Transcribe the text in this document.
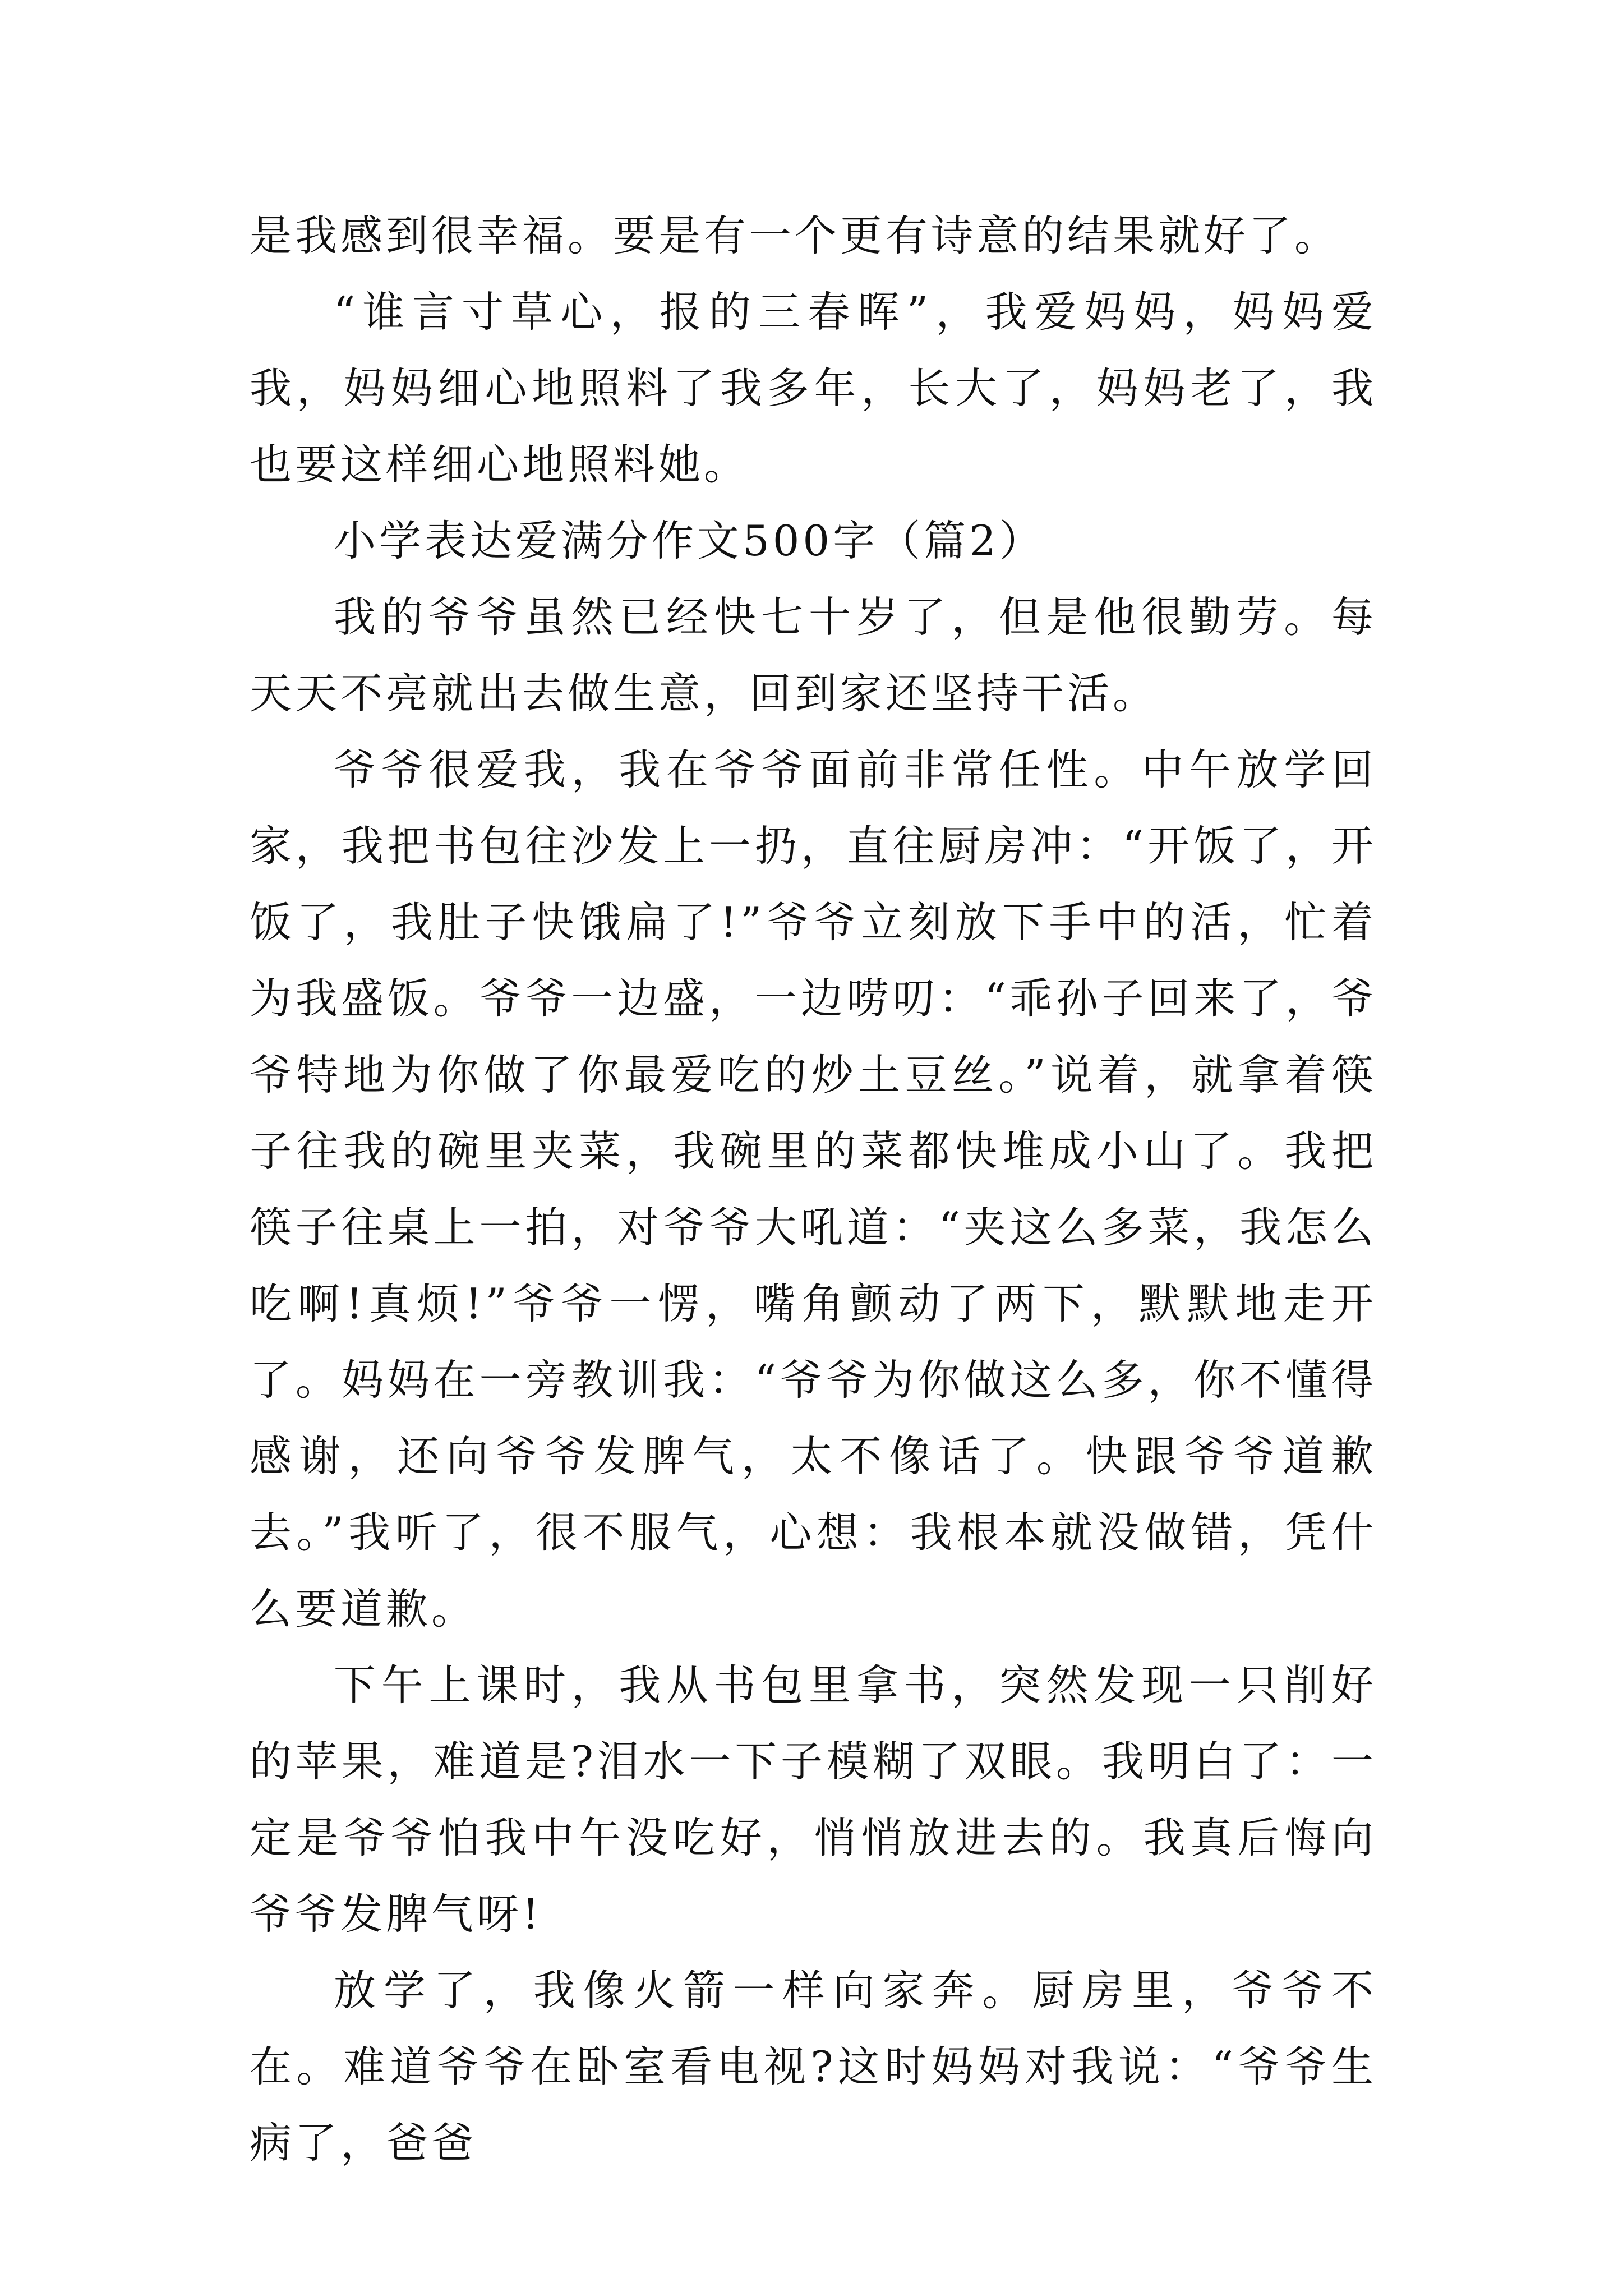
是我感到很幸福。要是有一个更有诗意的结果就好了。

“谁言寸草心，报的三春晖”，我爱妈妈，妈妈爱我，妈妈细心地照料了我多年，长大了，妈妈老了，我也要这样细心地照料她。

小学表达爱满分作文500字（篇2）

我的爷爷虽然已经快七十岁了，但是他很勤劳。每天天不亮就出去做生意，回到家还坚持干活。

爷爷很爱我，我在爷爷面前非常任性。中午放学回家，我把书包往沙发上一扔，直往厨房冲：“开饭了，开饭了，我肚子快饿扁了!”爷爷立刻放下手中的活，忙着为我盛饭。爷爷一边盛，一边唠叨：“乖孙子回来了，爷爷特地为你做了你最爱吃的炒土豆丝。”说着，就拿着筷子往我的碗里夹菜，我碗里的菜都快堆成小山了。我把筷子往桌上一拍，对爷爷大吼道：“夹这么多菜，我怎么吃啊!真烦!”爷爷一愣，嘴角颤动了两下，默默地走开了。妈妈在一旁教训我：“爷爷为你做这么多，你不懂得感谢，还向爷爷发脾气，太不像话了。快跟爷爷道歉去。”我听了，很不服气，心想：我根本就没做错，凭什么要道歉。

下午上课时，我从书包里拿书，突然发现一只削好的苹果，难道是?泪水一下子模糊了双眼。我明白了：一定是爷爷怕我中午没吃好，悄悄放进去的。我真后悔向爷爷发脾气呀!

放学了，我像火箭一样向家奔。厨房里，爷爷不在。难道爷爷在卧室看电视?这时妈妈对我说：“爷爷生病了，爸爸
